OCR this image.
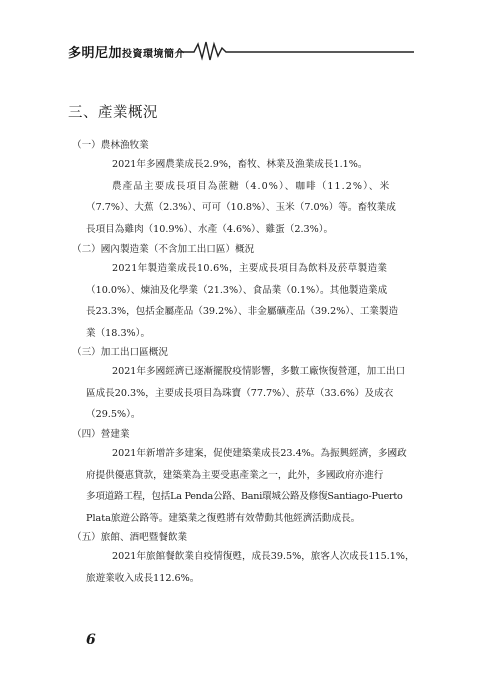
多明尼加投資環境簡介
三、產業概況
（一）農林漁牧業
2021年多國農業成長2.9%，畜牧、林業及漁業成長1.1%。
農產品主要成長項目為蔗糖（4.0%）、咖啡（11.2%）、米
（7.7%）、大蕉（2.3%）、可可（10.8%）、玉米（7.0%）等。畜牧業成
長項目為雞肉（10.9%）、水產（4.6%）、雞蛋（2.3%）。
（二）國內製造業（不含加工出口區）概況
2021年製造業成長10.6%，主要成長項目為飲料及菸草製造業
（10.0%）、煉油及化學業（21.3%）、食品業（0.1%）。其他製造業成
長23.3%，包括金屬產品（39.2%）、非金屬礦產品（39.2%）、工業製造
業（18.3%）。
（三）加工出口區概況
2021年多國經濟已逐漸擺脫疫情影響，多數工廠恢復營運，加工出口
區成長20.3%，主要成長項目為珠寶（77.7%）、菸草（33.6%）及成衣
（29.5%）。
（四）營建業
2021年新增許多建案，促使建築業成長23.4%。為振興經濟，多國政
府提供優惠貸款，建築業為主要受惠產業之一，此外，多國政府亦進行
多項道路工程，包括La Penda公路、Bani環城公路及修復Santiago-Puerto
Plata旅遊公路等。建築業之復甦將有效帶動其他經濟活動成長。
（五）旅館、酒吧暨餐飲業
2021年旅館餐飲業自疫情復甦，成長39.5%，旅客人次成長115.1%，
旅遊業收入成長112.6%。
6
